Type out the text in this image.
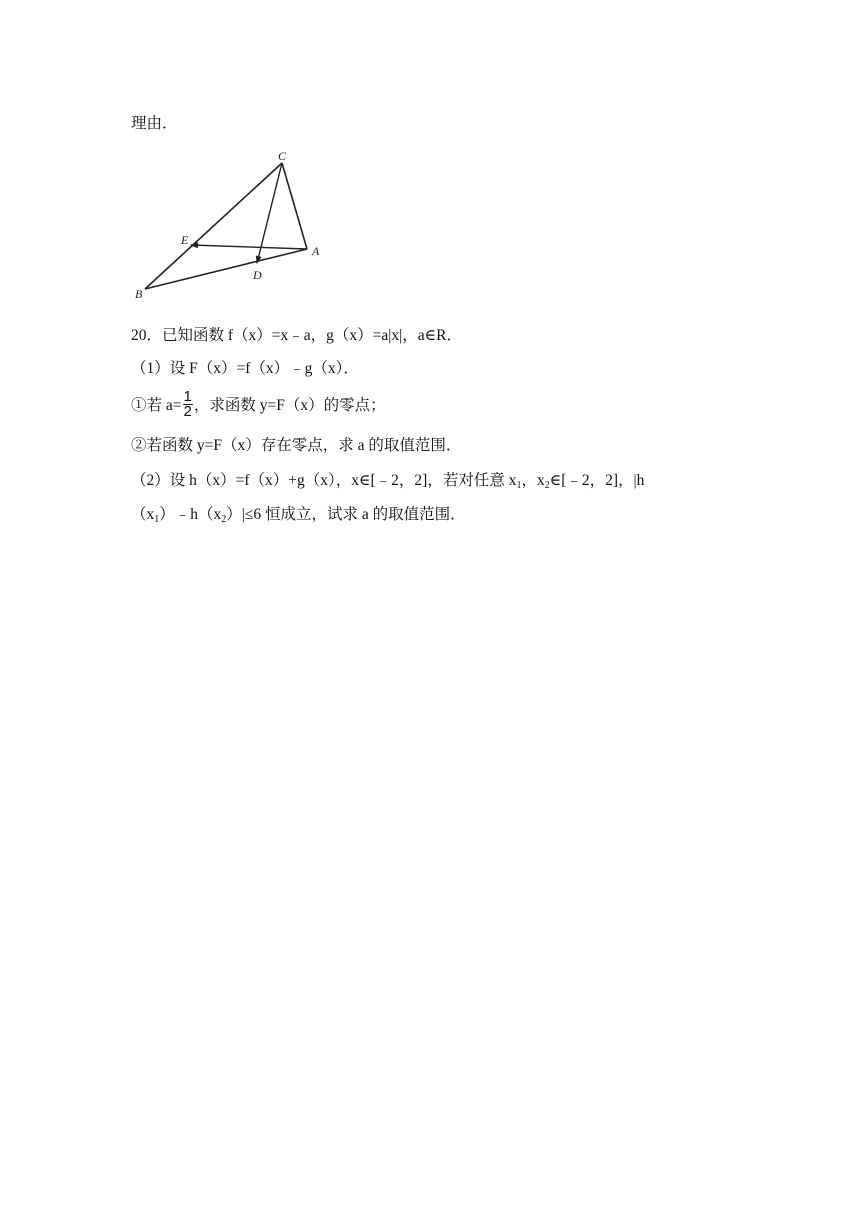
理由．
C
E
A
D
B
20．已知函数 f（x）=x﹣a，g（x）=a|x|，a∈R．
（1）设 F（x）=f（x）﹣g（x）．
①若 $a= \frac{1}{2}$ ，求函数 y=F（x）的零点；
②若函数 y=F（x）存在零点，求 a 的取值范围．
（2）设 h（x）=f（x）+g（x），x∈[﹣2，2]，若对任意 $x_1$，$x_2\in[﹣2$，2]，|h
$(x_1)﹣h(x_2)|\le 6$ 恒成立，试求 a 的取值范围．
